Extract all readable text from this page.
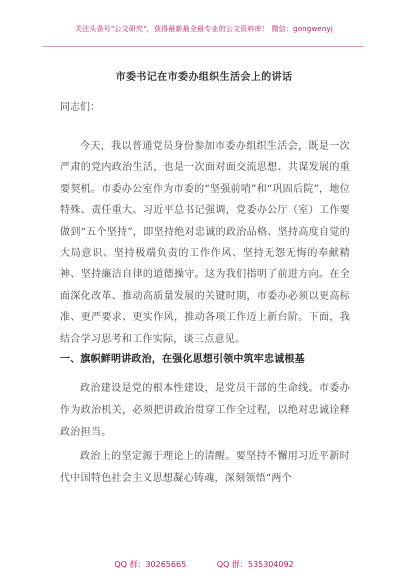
关注头条号"公文研究"，获得最新最全最专业的公文资料库！ 微信：gongwenyj
市委书记在市委办组织生活会上的讲话
同志们：

今天，我以普通党员身份参加市委办组织生活会，既是一次严肃的党内政治生活，也是一次面对面交流思想、共谋发展的重要契机。市委办公室作为市委的“坚强前哨”和“巩固后院”，地位特殊、责任重大。习近平总书记强调，党委办公厅（室）工作要做到“五个坚持”，即坚持绝对忠诚的政治品格、坚持高度自觉的大局意识、坚持极端负责的工作作风、坚持无怨无悔的奉献精神、坚持廉洁自律的道德操守。这为我们指明了前进方向。在全面深化改革、推动高质量发展的关键时期，市委办必须以更高标准、更严要求、更实作风，推动各项工作迈上新台阶。下面，我结合学习思考和工作实际，谈三点意见。

一、旗帜鲜明讲政治，在强化思想引领中筑牢忠诚根基

政治建设是党的根本性建设，是党员干部的生命线。市委办作为政治机关，必须把讲政治贯穿工作全过程，以绝对忠诚诠释政治担当。

政治上的坚定源于理论上的清醒。要坚持不懈用习近平新时代中国特色社会主义思想凝心铸魂，深刻领悟“两个

QQ 群：30265665	QQ 群：535304092
